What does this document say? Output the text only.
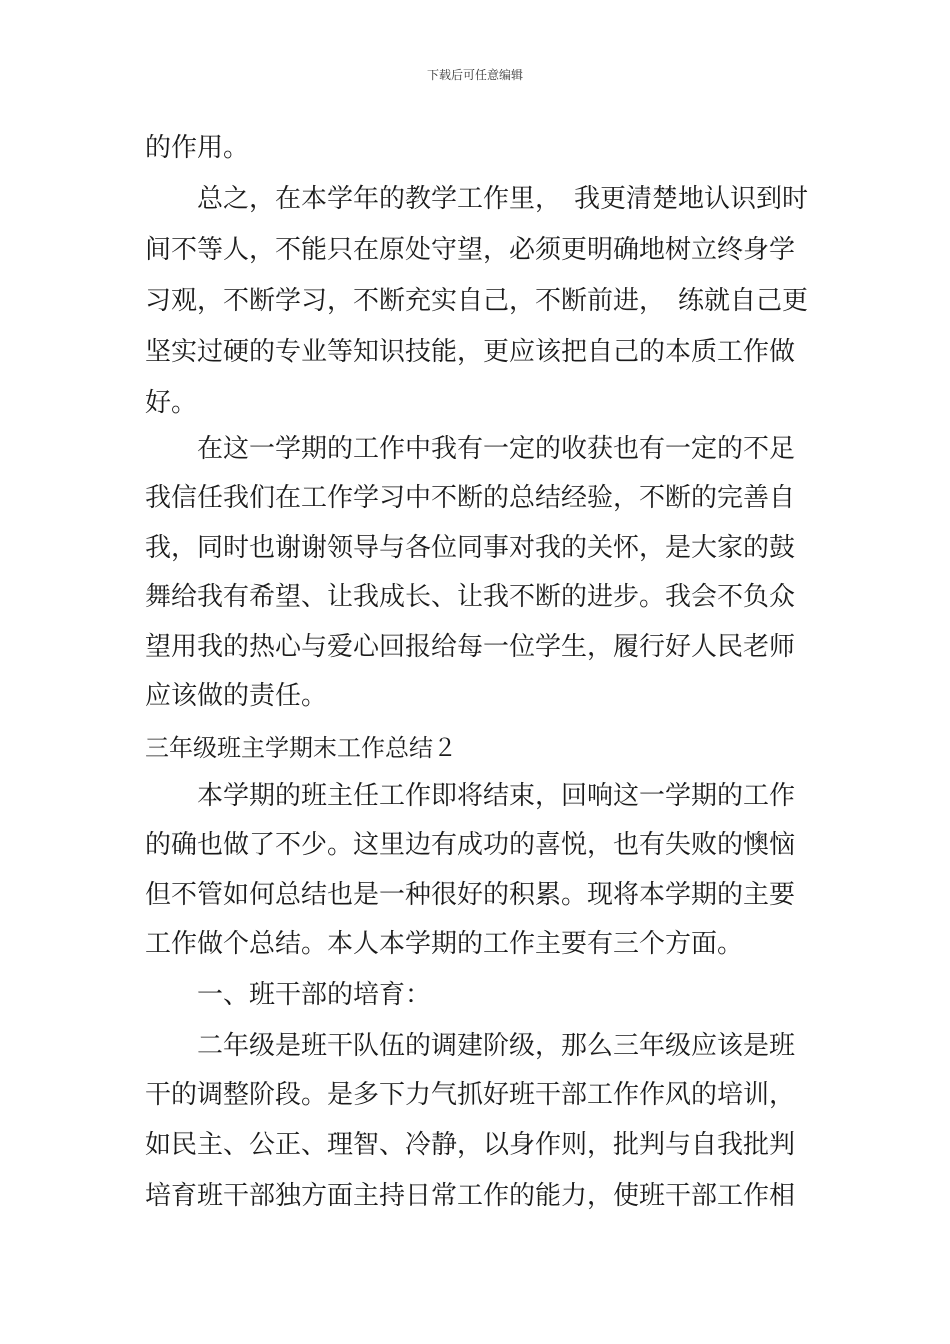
下载后可任意编辑
的作用。
　　总之，在本学年的教学工作里，　我更清楚地认识到时
间不等人，不能只在原处守望，必须更明确地树立终身学
习观，不断学习，不断充实自己，不断前进，　练就自己更
坚实过硬的专业等知识技能，更应该把自己的本质工作做
好。
　　在这一学期的工作中我有一定的收获也有一定的不足
我信任我们在工作学习中不断的总结经验，不断的完善自
我，同时也谢谢领导与各位同事对我的关怀，是大家的鼓
舞给我有希望、让我成长、让我不断的进步。我会不负众
望用我的热心与爱心回报给每一位学生，履行好人民老师
应该做的责任。
三年级班主学期末工作总结２
　　本学期的班主任工作即将结束，回响这一学期的工作
的确也做了不少。这里边有成功的喜悦，也有失败的懊恼
但不管如何总结也是一种很好的积累。现将本学期的主要
工作做个总结。本人本学期的工作主要有三个方面。
　　一、班干部的培育：
　　二年级是班干队伍的调建阶级，那么三年级应该是班
干的调整阶段。是多下力气抓好班干部工作作风的培训，
如民主、公正、理智、冷静，以身作则，批判与自我批判
培育班干部独方面主持日常工作的能力，使班干部工作相
